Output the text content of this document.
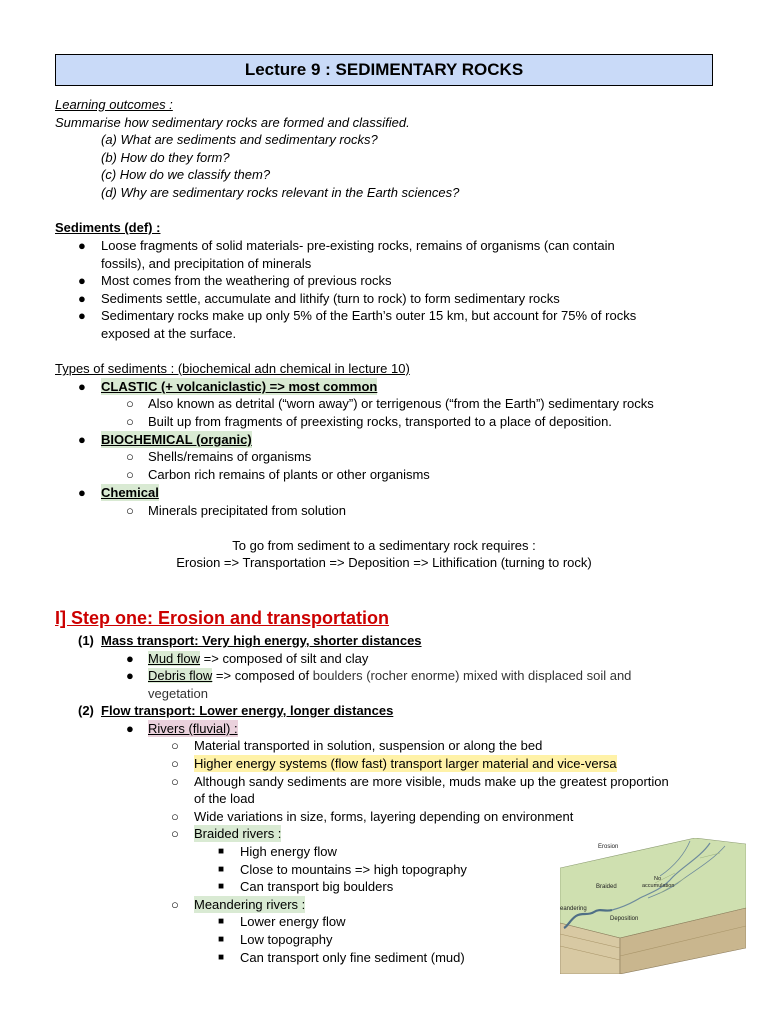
Lecture 9 : SEDIMENTARY ROCKS
Learning outcomes :
Summarise how sedimentary rocks are formed and classified.
(a) What are sediments and sedimentary rocks?
(b) How do they form?
(c) How do we classify them?
(d) Why are sedimentary rocks relevant in the Earth sciences?
Sediments (def) :
● Loose fragments of solid materials- pre-existing rocks, remains of organisms (can contain
fossils), and precipitation of minerals
● Most comes from the weathering of previous rocks
● Sediments settle, accumulate and lithify (turn to rock) to form sedimentary rocks
● Sedimentary rocks make up only 5% of the Earth’s outer 15 km, but account for 75% of rocks
exposed at the surface.
Types of sediments : (biochemical adn chemical in lecture 10)
● CLASTIC (+ volcaniclastic) => most common
○ Also known as detrital (“worn away”) or terrigenous (“from the Earth”) sedimentary rocks
○ Built up from fragments of preexisting rocks, transported to a place of deposition.
● BIOCHEMICAL (organic)
○ Shells/remains of organisms
○ Carbon rich remains of plants or other organisms
● Chemical
○ Minerals precipitated from solution
To go from sediment to a sedimentary rock requires :
Erosion => Transportation => Deposition => Lithification (turning to rock)
I] Step one: Erosion and transportation
(1) Mass transport: Very high energy, shorter distances
● Mud flow => composed of silt and clay
● Debris flow => composed of boulders (rocher enorme) mixed with displaced soil and
vegetation
(2) Flow transport: Lower energy, longer distances
● Rivers (fluvial) :
○ Material transported in solution, suspension or along the bed
○ Higher energy systems (flow fast) transport larger material and vice-versa
○ Although sandy sediments are more visible, muds make up the greatest proportion
of the load
○ Wide variations in size, forms, layering depending on environment
○ Braided rivers :
■ High energy flow
■ Close to mountains => high topography
■ Can transport big boulders
○ Meandering rivers :
■ Lower energy flow
■ Low topography
■ Can transport only fine sediment (mud)
Erosion
No
accumulation
Braided
eandering
Deposition
